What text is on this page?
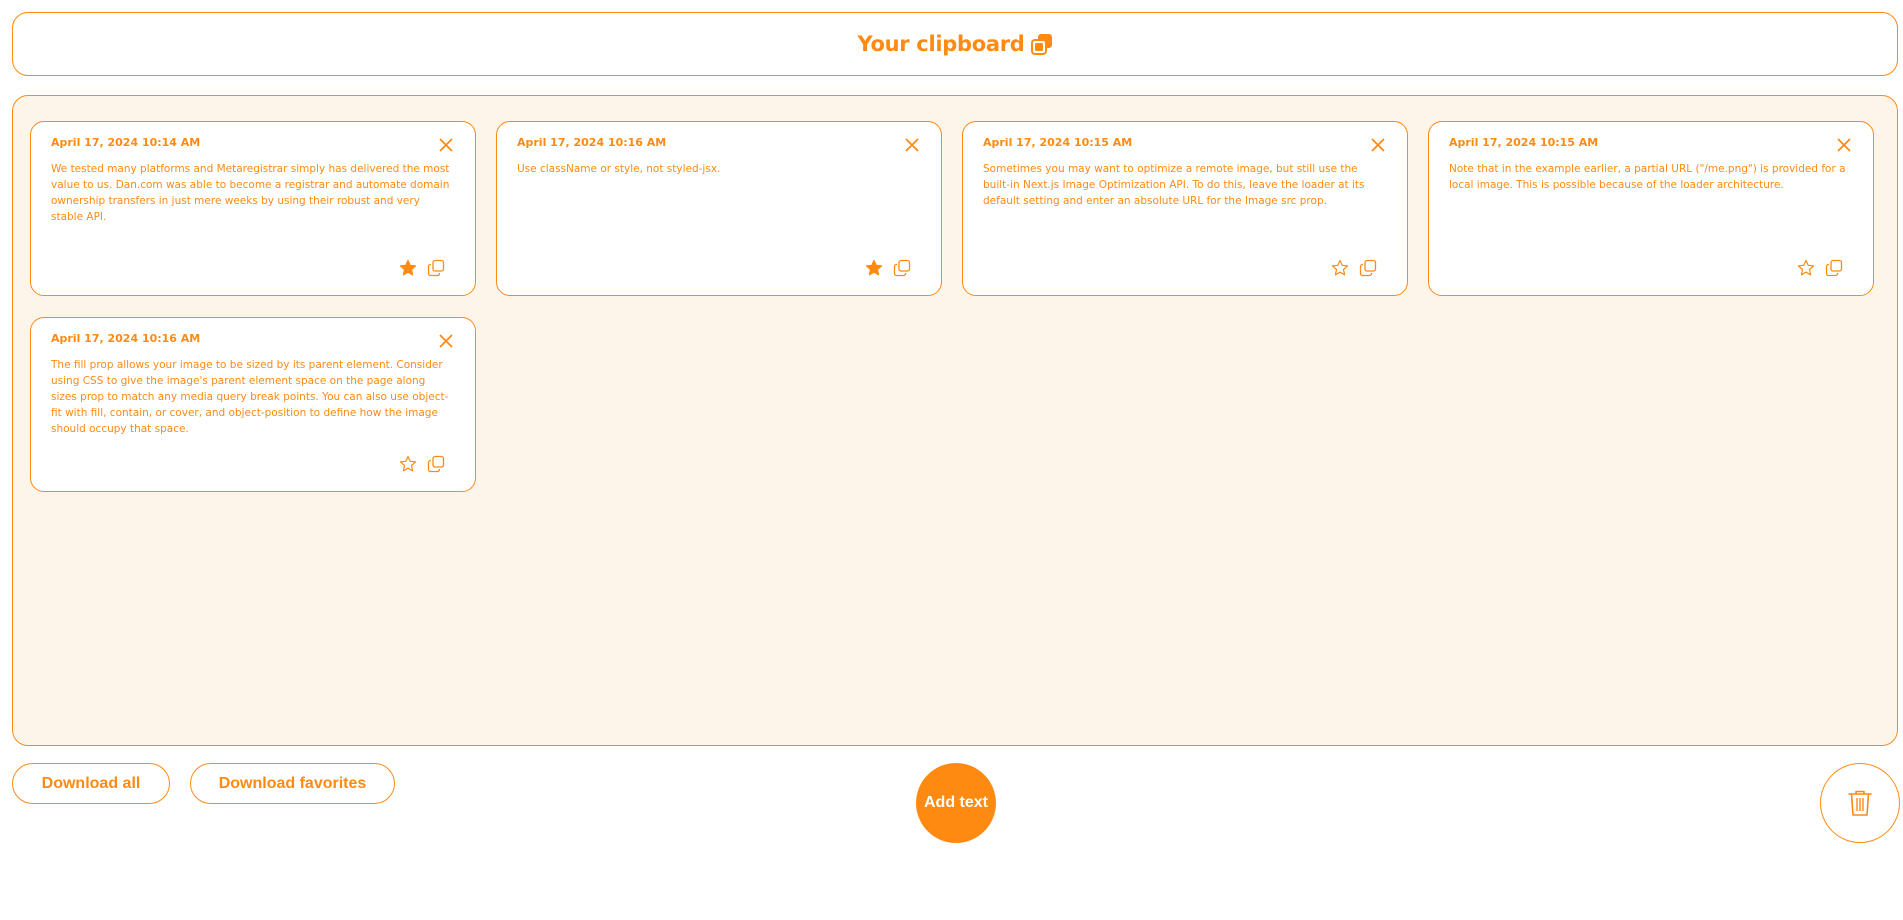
Your clipboard
April 17, 2024 10:14 AM
We tested many platforms and Metaregistrar simply has delivered the most value to us. Dan.com was able to become a registrar and automate domain ownership transfers in just mere weeks by using their robust and very stable API.
April 17, 2024 10:16 AM
Use className or style, not styled-jsx.
April 17, 2024 10:15 AM
Sometimes you may want to optimize a remote image, but still use the built-in Next.js Image Optimization API. To do this, leave the loader at its default setting and enter an absolute URL for the Image src prop.
April 17, 2024 10:15 AM
Note that in the example earlier, a partial URL ("/me.png") is provided for a local image. This is possible because of the loader architecture.
April 17, 2024 10:16 AM
The fill prop allows your image to be sized by its parent element. Consider using CSS to give the image's parent element space on the page along sizes prop to match any media query break points. You can also use object-fit with fill, contain, or cover, and object-position to define how the image should occupy that space.
Download all	Download favorites
Add text
